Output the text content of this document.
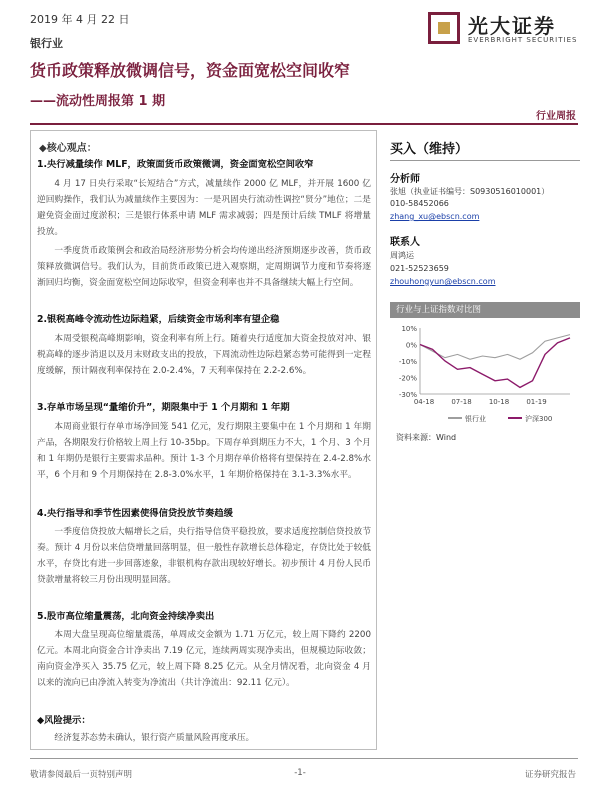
2019 年 4 月 22 日
银行业
光大证券
EVERBRIGHT SECURITIES
货币政策释放微调信号，资金面宽松空间收窄
——流动性周报第 1 期
行业周报
◆核心观点：
1.央行减量续作 MLF，政策面货币政策微调，资金面宽松空间收窄
4 月 17 日央行采取“长短结合”方式，减量续作 2000 亿 MLF，并开展 1600 亿逆回购操作，我们认为减量续作主要因为：一是巩固央行流动性调控“贤分”地位；二是避免资金面过度淤积；三是银行体系申请 MLF 需求减弱；四是预计后续 TMLF 将增量投放。
一季度货币政策例会和政治局经济形势分析会均传递出经济预期逐步改善，货币政策释放微调信号。我们认为，目前货币政策已进入观察期，定周期调节力度和节奏将逐渐回归均衡，资金面宽松空间边际收窄，但资金利率也并不具备继续大幅上行空间。
2.银税高峰令流动性边际趋紧，后续资金市场利率有望企稳
本周受银税高峰期影响，资金利率有所上行。随着央行适度加大资金投放对冲、银税高峰的逐步消退以及月末财政支出的投放，下周流动性边际趋紧态势可能得到一定程度缓解，预计隔夜利率保持在 2.0-2.4%，7 天利率保持在 2.2-2.6%。
3.存单市场呈现“量缩价升”，期限集中于 1 个月期和 1 年期
本周商业银行存单市场净回笼 541 亿元，发行期限主要集中在 1 个月期和 1 年期产品，各期限发行价格较上周上行 10-35bp。下周存单到期压力不大，1 个月、3 个月和 1 年期仍是银行主要需求品种。预计 1-3 个月期存单价格将有望保持在 2.4-2.8%水平，6 个月和 9 个月期保持在 2.8-3.0%水平，1 年期价格保持在 3.1-3.3%水平。
4.央行指导和季节性因素使得信贷投放节奏趋缓
一季度信贷投放大幅增长之后，央行指导信贷平稳投放，要求适度控制信贷投放节奏。预计 4 月份以来信贷增量回落明显，但一般性存款增长总体稳定，存贷比处于较低水平，存贷比有进一步回落迹象，非银机构存款出现较好增长。初步预计 4 月份人民币贷款增量将较三月份出现明显回落。
5.股市高位缩量震荡，北向资金持续净卖出
本周大盘呈现高位缩量震荡，单周成交金额为 1.71 万亿元，较上周下降约 2200 亿元。本周北向资金合计净卖出 7.19 亿元，连续两周实现净卖出，但规模边际收敛；南向资金净买入 35.75 亿元，较上周下降 8.25 亿元。从全月情况看，北向资金 4 月以来的流向已由净流入转变为净流出（共计净流出：92.11 亿元）。
◆风险提示：
经济复苏态势未确认，银行资产质量风险再度承压。
买入（维持）
分析师
张旭（执业证书编号：S0930516010001）
010-58452066
zhang_xu@ebscn.com
联系人
周鸿运
021-52523659
zhouhongyun@ebscn.com
行业与上证指数对比图
10%
0%
-10%
-20%
-30%
04-18 07-18 10-18 01-19
银行业	沪深300
资料来源：Wind
敬请参阅最后一页特别声明	-1-	证券研究报告
